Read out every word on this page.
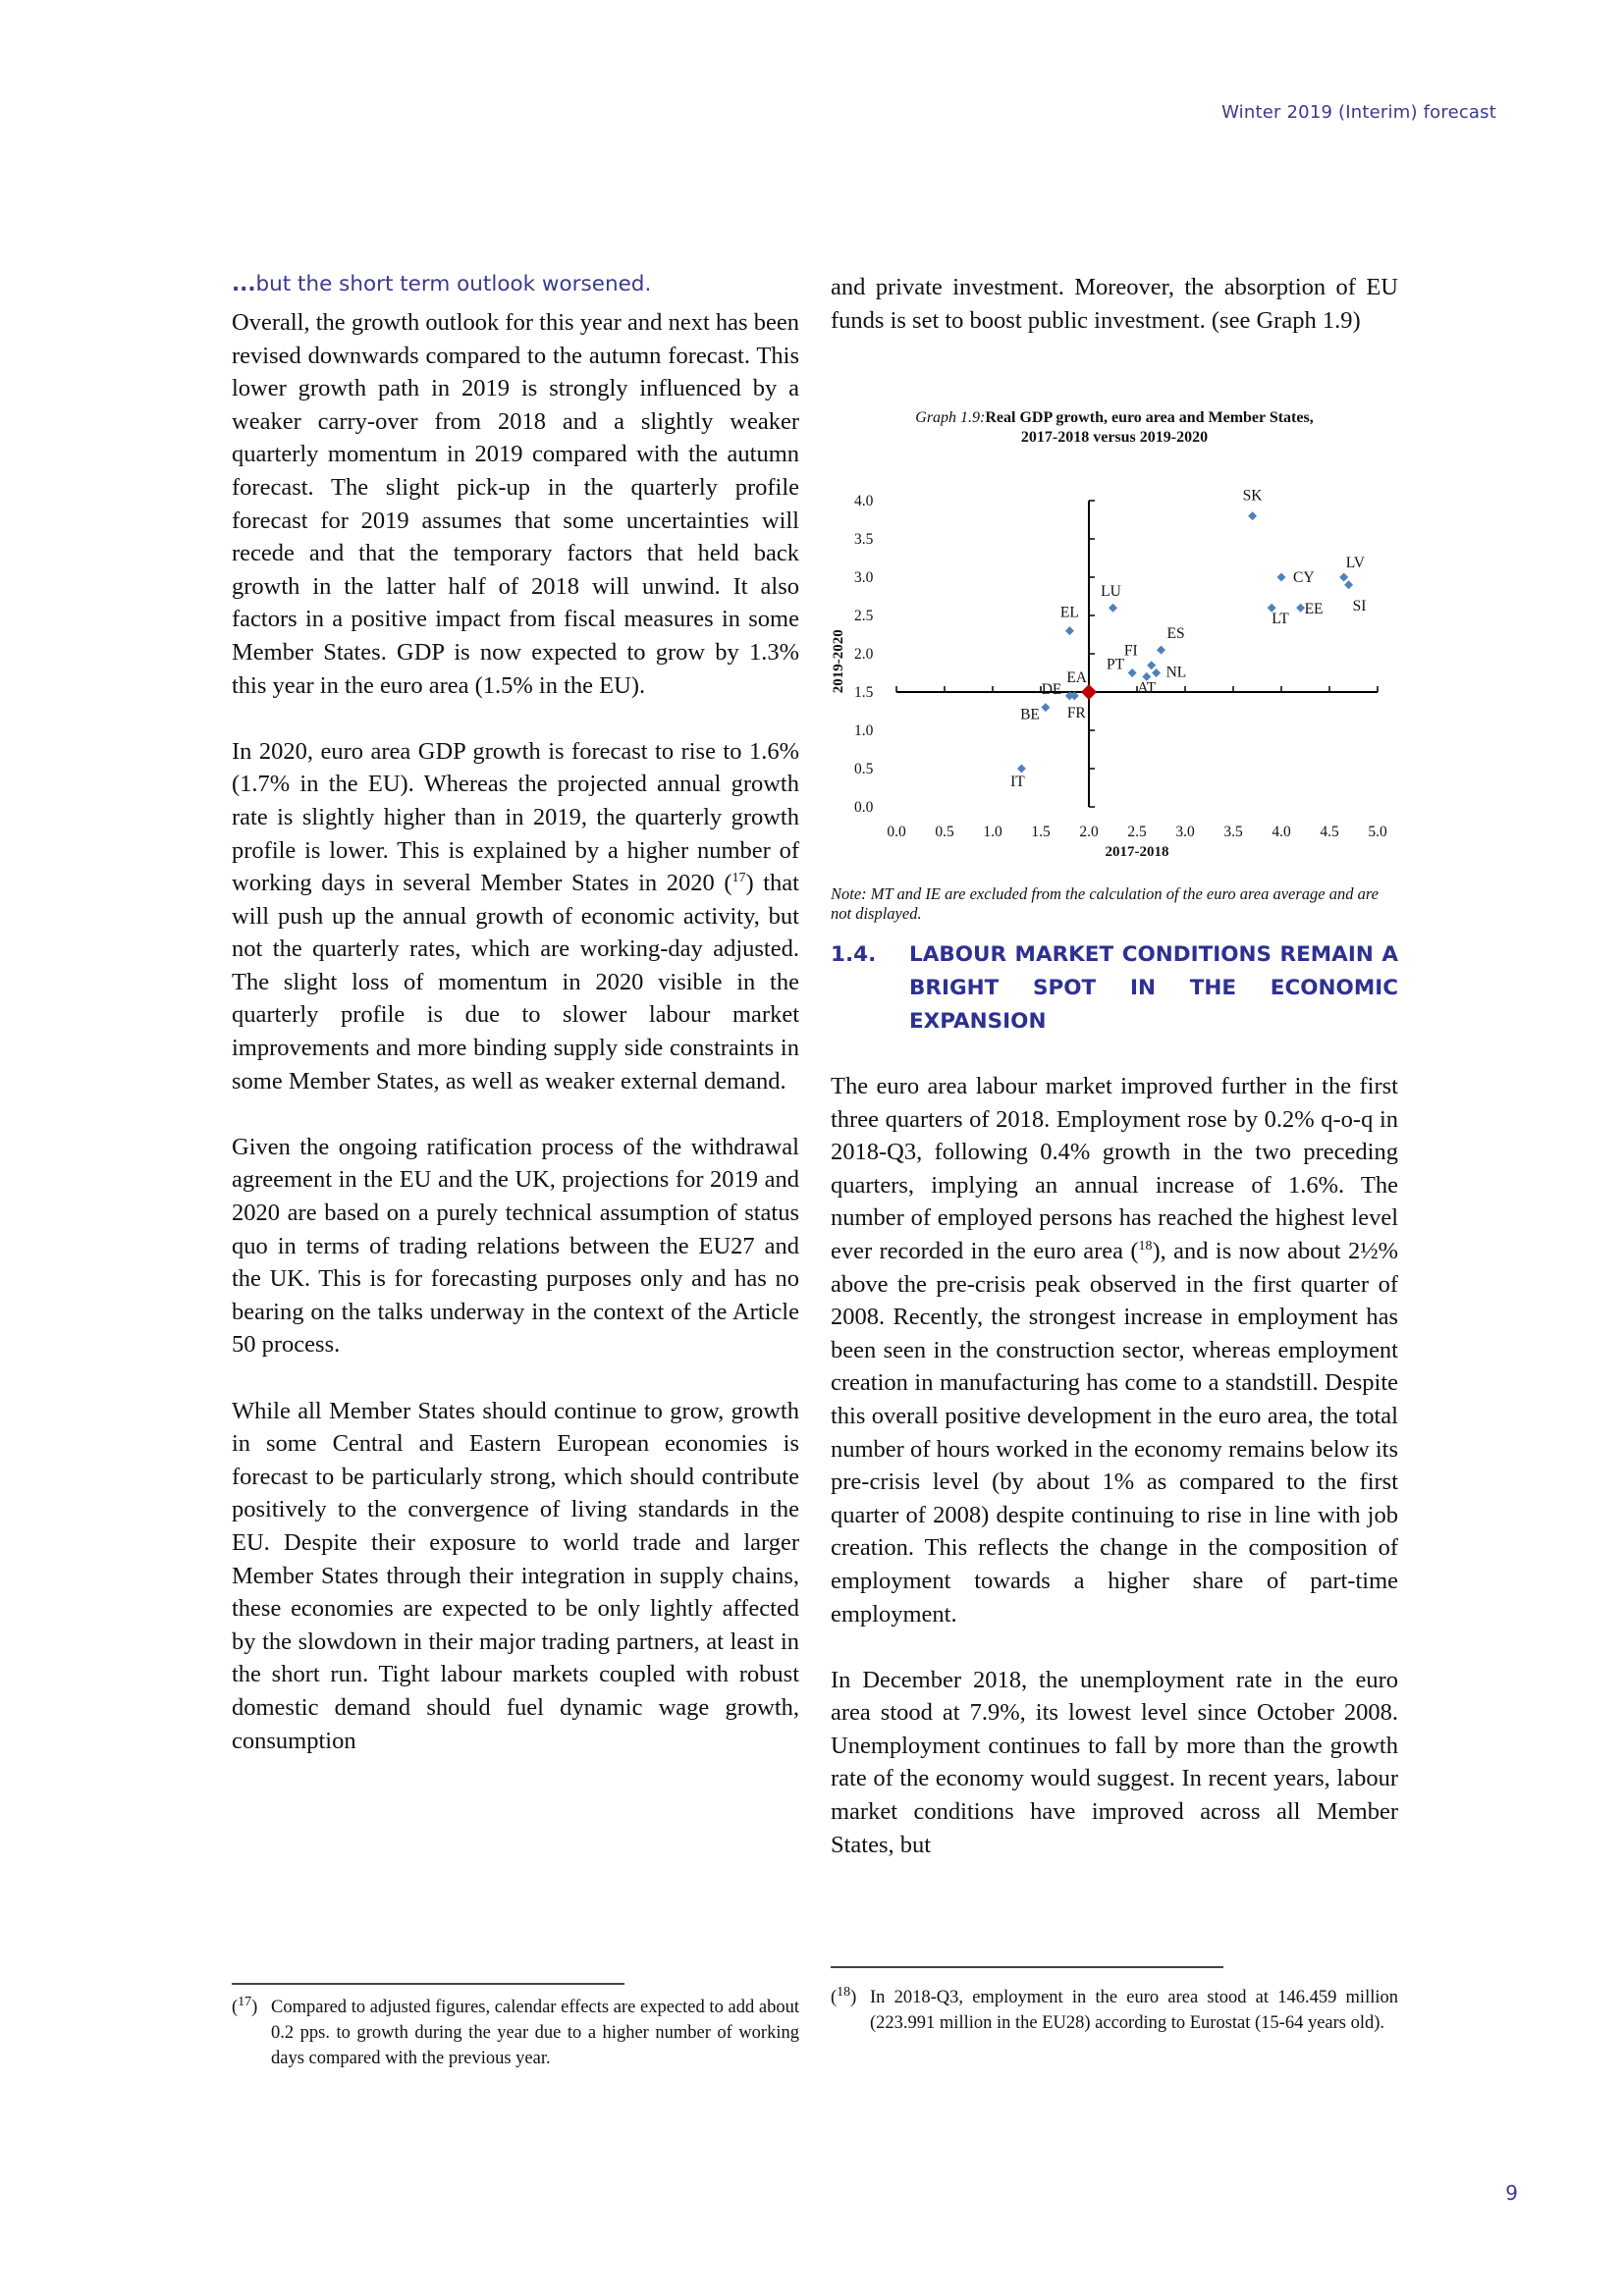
Winter 2019 (Interim) forecast
...but the short term outlook worsened.

Overall, the growth outlook for this year and next has been revised downwards compared to the autumn forecast. This lower growth path in 2019 is strongly influenced by a weaker carry-over from 2018 and a slightly weaker quarterly momentum in 2019 compared with the autumn forecast. The slight pick-up in the quarterly profile forecast for 2019 assumes that some uncertainties will recede and that the temporary factors that held back growth in the latter half of 2018 will unwind. It also factors in a positive impact from fiscal measures in some Member States. GDP is now expected to grow by 1.3% this year in the euro area (1.5% in the EU).

In 2020, euro area GDP growth is forecast to rise to 1.6% (1.7% in the EU). Whereas the projected annual growth rate is slightly higher than in 2019, the quarterly growth profile is lower. This is explained by a higher number of working days in several Member States in 2020 ($^{17}$) that will push up the annual growth of economic activity, but not the quarterly rates, which are working-day adjusted. The slight loss of momentum in 2020 visible in the quarterly profile is due to slower labour market improvements and more binding supply side constraints in some Member States, as well as weaker external demand.

Given the ongoing ratification process of the withdrawal agreement in the EU and the UK, projections for 2019 and 2020 are based on a purely technical assumption of status quo in terms of trading relations between the EU27 and the UK. This is for forecasting purposes only and has no bearing on the talks underway in the context of the Article 50 process.

While all Member States should continue to grow, growth in some Central and Eastern European economies is forecast to be particularly strong, which should contribute positively to the convergence of living standards in the EU. Despite their exposure to world trade and larger Member States through their integration in supply chains, these economies are expected to be only lightly affected by the slowdown in their major trading partners, at least in the short run. Tight labour markets coupled with robust domestic demand should fuel dynamic wage growth, consumption

($^{17}$) Compared to adjusted figures, calendar effects are expected to add about 0.2 pps. to growth during the year due to a higher number of working days compared with the previous year.

and private investment. Moreover, the absorption of EU funds is set to boost public investment. (see Graph 1.9)

Graph 1.9:Real GDP growth, euro area and Member States,
2017-2018 versus 2019-2020

0.0 0.5 1.0 1.5 2.0 2.5 3.0 3.5 4.0 4.5 5.0
0.0
0.5
1.0
1.5
2.0
2.5
3.0
3.5
4.0
2017-2018
2019-2020
SK
CY
LV
SI
LT
EE
LU
EL
ES
FI
NL
PT
AT
DE
FR
BE
IT
EA

Note: MT and IE are excluded from the calculation of the euro area average and are not displayed.

1.4. LABOUR MARKET CONDITIONS REMAIN A BRIGHT SPOT IN THE ECONOMIC EXPANSION

The euro area labour market improved further in the first three quarters of 2018. Employment rose by 0.2% q-o-q in 2018-Q3, following 0.4% growth in the two preceding quarters, implying an annual increase of 1.6%. The number of employed persons has reached the highest level ever recorded in the euro area ($^{18}$), and is now about 2½% above the pre-crisis peak observed in the first quarter of 2008. Recently, the strongest increase in employment has been seen in the construction sector, whereas employment creation in manufacturing has come to a standstill. Despite this overall positive development in the euro area, the total number of hours worked in the economy remains below its pre-crisis level (by about 1% as compared to the first quarter of 2008) despite continuing to rise in line with job creation. This reflects the change in the composition of employment towards a higher share of part-time employment.

In December 2018, the unemployment rate in the euro area stood at 7.9%, its lowest level since October 2008. Unemployment continues to fall by more than the growth rate of the economy would suggest. In recent years, labour market conditions have improved across all Member States, but

($^{18}$) In 2018-Q3, employment in the euro area stood at 146.459 million (223.991 million in the EU28) according to Eurostat (15-64 years old).
9
